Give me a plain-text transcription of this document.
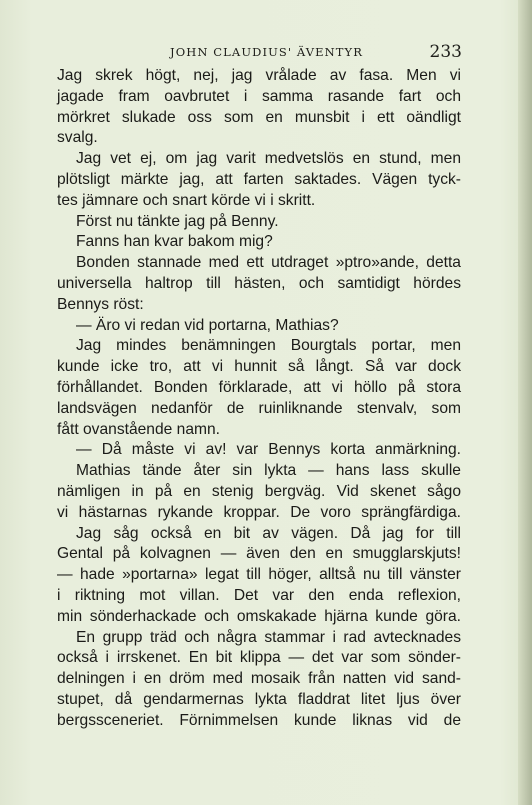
JOHN CLAUDIUS' ÄVENTYR	233
Jag skrek högt, nej, jag vrålade av fasa. Men vi
jagade fram oavbrutet i samma rasande fart och
mörkret slukade oss som en munsbit i ett oändligt
svalg.
Jag vet ej, om jag varit medvetslös en stund, men
plötsligt märkte jag, att farten saktades. Vägen tyck-
tes jämnare och snart körde vi i skritt.
Först nu tänkte jag på Benny.
Fanns han kvar bakom mig?
Bonden stannade med ett utdraget »ptro»ande, detta
universella haltrop till hästen, och samtidigt hördes
Bennys röst:
— Äro vi redan vid portarna, Mathias?
Jag mindes benämningen Bourgtals portar, men
kunde icke tro, att vi hunnit så långt. Så var dock
förhållandet. Bonden förklarade, att vi höllo på stora
landsvägen nedanför de ruinliknande stenvalv, som
fått ovanstående namn.
— Då måste vi av! var Bennys korta anmärkning.
Mathias tände åter sin lykta — hans lass skulle
nämligen in på en stenig bergväg. Vid skenet sågo
vi hästarnas rykande kroppar. De voro sprängfärdiga.
Jag såg också en bit av vägen. Då jag for till
Gental på kolvagnen — även den en smugglarskjuts!
— hade »portarna» legat till höger, alltså nu till vänster
i riktning mot villan. Det var den enda reflexion,
min sönderhackade och omskakade hjärna kunde göra.
En grupp träd och några stammar i rad avtecknades
också i irrskenet. En bit klippa — det var som sönder-
delningen i en dröm med mosaik från natten vid sand-
stupet, då gendarmernas lykta fladdrat litet ljus över
bergssceneriet. Förnimmelsen kunde liknas vid de
